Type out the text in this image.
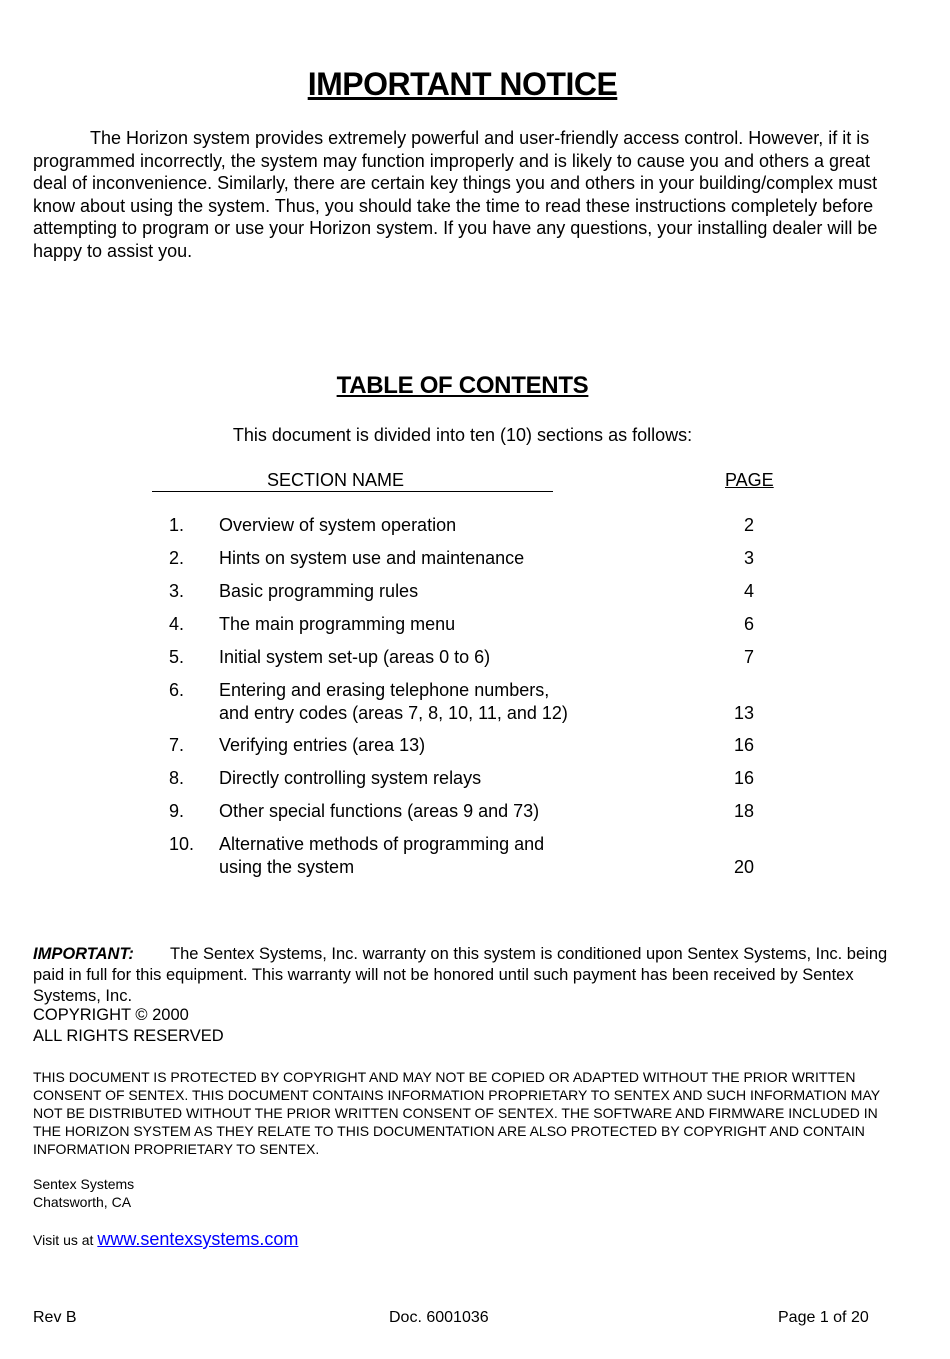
IMPORTANT NOTICE
The Horizon system provides extremely powerful and user-friendly access control. However, if it is programmed incorrectly, the system may function improperly and is likely to cause you and others a great deal of inconvenience. Similarly, there are certain key things you and others in your building/complex must know about using the system. Thus, you should take the time to read these instructions completely before attempting to program or use your Horizon system. If you have any questions, your installing dealer will be happy to assist you.
TABLE OF CONTENTS
This document is divided into ten (10) sections as follows:
SECTION NAME	PAGE
1. Overview of system operation	2
2. Hints on system use and maintenance	3
3. Basic programming rules	4
4. The main programming menu	6
5. Initial system set-up (areas 0 to 6)	7
6. Entering and erasing telephone numbers,
and entry codes (areas 7, 8, 10, 11, and 12)	13
7. Verifying entries (area 13)	16
8. Directly controlling system relays	16
9. Other special functions (areas 9 and 73)	18
10. Alternative methods of programming and
using the system	20
IMPORTANT: The Sentex Systems, Inc. warranty on this system is conditioned upon Sentex Systems, Inc. being paid in full for this equipment. This warranty will not be honored until such payment has been received by Sentex Systems, Inc.
COPYRIGHT © 2000
ALL RIGHTS RESERVED
THIS DOCUMENT IS PROTECTED BY COPYRIGHT AND MAY NOT BE COPIED OR ADAPTED WITHOUT THE PRIOR WRITTEN CONSENT OF SENTEX. THIS DOCUMENT CONTAINS INFORMATION PROPRIETARY TO SENTEX AND SUCH INFORMATION MAY NOT BE DISTRIBUTED WITHOUT THE PRIOR WRITTEN CONSENT OF SENTEX. THE SOFTWARE AND FIRMWARE INCLUDED IN THE HORIZON SYSTEM AS THEY RELATE TO THIS DOCUMENTATION ARE ALSO PROTECTED BY COPYRIGHT AND CONTAIN INFORMATION PROPRIETARY TO SENTEX.
Sentex Systems
Chatsworth, CA
Visit us at www.sentexsystems.com
Rev B	Doc. 6001036	Page 1 of 20
